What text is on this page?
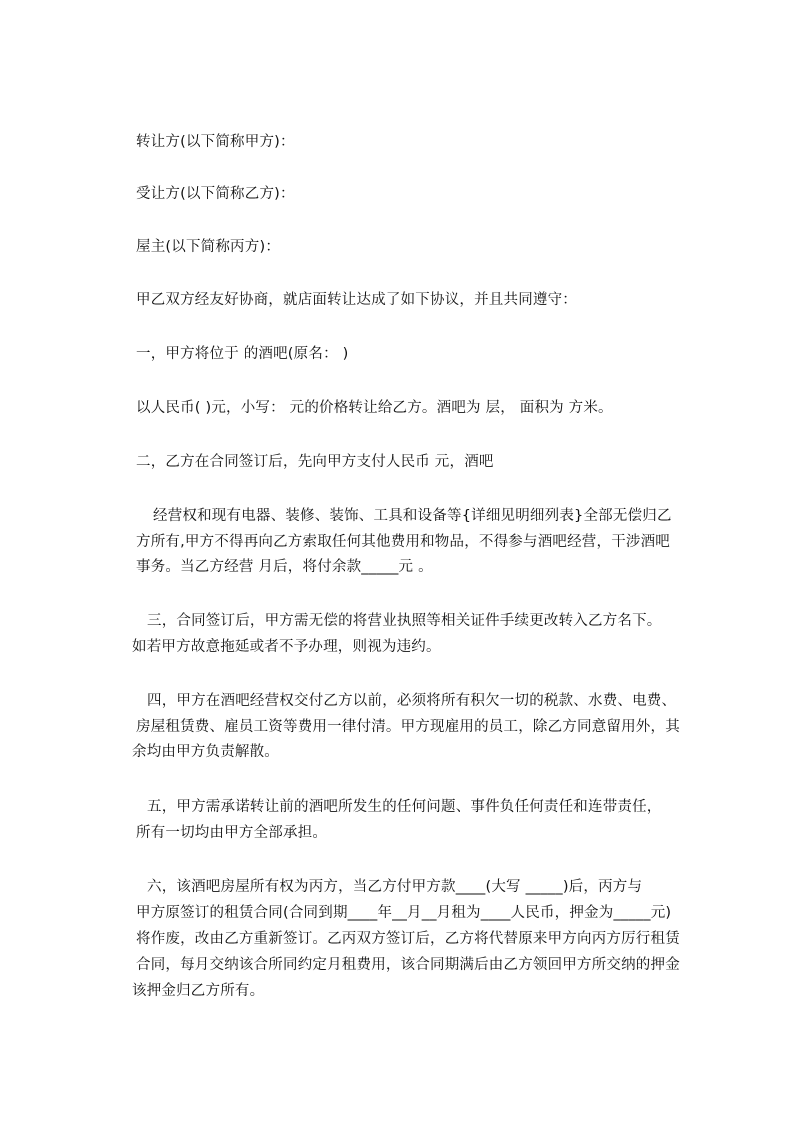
转让方(以下简称甲方)：
受让方(以下简称乙方)：
屋主(以下简称丙方)：
甲乙双方经友好协商，就店面转让达成了如下协议，并且共同遵守：
一，甲方将位于 的酒吧(原名： )
以人民币( )元，小写： 元的价格转让给乙方。酒吧为 层， 面积为 方米。
二，乙方在合同签订后，先向甲方支付人民币 元，酒吧
经营权和现有电器、装修、装饰、工具和设备等{详细见明细列表}全部无偿归乙
方所有,甲方不得再向乙方索取任何其他费用和物品，不得参与酒吧经营，干涉酒吧
事务。当乙方经营 月后，将付余款_____元 。
三，合同签订后，甲方需无偿的将营业执照等相关证件手续更改转入乙方名下。
如若甲方故意拖延或者不予办理，则视为违约。
四，甲方在酒吧经营权交付乙方以前，必须将所有积欠一切的税款、水费、电费、
房屋租赁费、雇员工资等费用一律付清。甲方现雇用的员工，除乙方同意留用外，其
余均由甲方负责解散。
五，甲方需承诺转让前的酒吧所发生的任何问题、事件负任何责任和连带责任，
所有一切均由甲方全部承担。
六，该酒吧房屋所有权为丙方，当乙方付甲方款____(大写 _____)后，丙方与
甲方原签订的租赁合同(合同到期____年__月__月租为____人民币，押金为_____元)
将作废，改由乙方重新签订。乙丙双方签订后，乙方将代替原来甲方向丙方厉行租赁
合同，每月交纳该合所同约定月租费用，该合同期满后由乙方领回甲方所交纳的押金
该押金归乙方所有。
